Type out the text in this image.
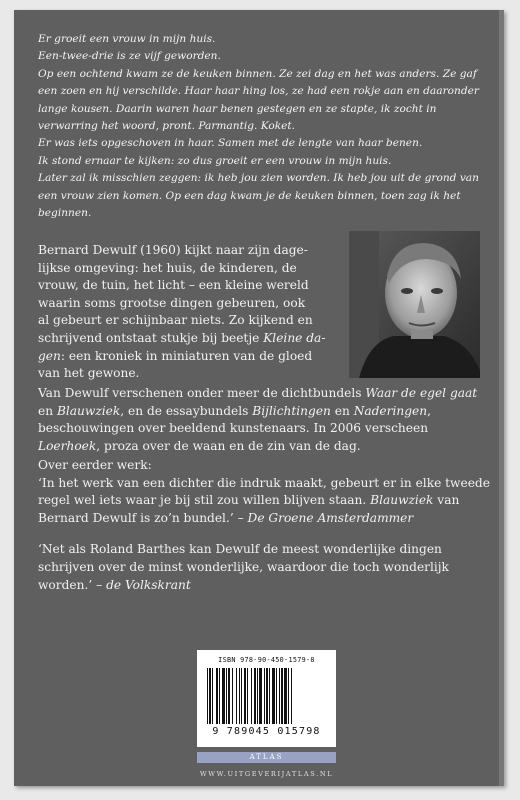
Er groeit een vrouw in mijn huis.

Een-twee-drie is ze vijf geworden.

Op een ochtend kwam ze de keuken binnen. Ze zei dag en het was anders. Ze gaf een zoen en hij verschilde. Haar haar hing los, ze had een rokje aan en daaronder lange kousen. Daarin waren haar benen gestegen en ze stapte, ik zocht in verwarring het woord, pront. Parmantig. Koket.

Er was iets opgeschoven in haar. Samen met de lengte van haar benen.

Ik stond ernaar te kijken: zo dus groeit er een vrouw in mijn huis.

Later zal ik misschien zeggen: ik heb jou zien worden. Ik heb jou uit de grond van een vrouw zien komen. Op een dag kwam je de keuken binnen, toen zag ik het beginnen.

Bernard Dewulf (1960) kijkt naar zijn dage-

lijkse omgeving: het huis, de kinderen, de

vrouw, de tuin, het licht – een kleine wereld

waarin soms grootse dingen gebeuren, ook

al gebeurt er schijnbaar niets. Zo kijkend en

schrijvend ontstaat stukje bij beetje Kleine da-

gen: een kroniek in miniaturen van de gloed

van het gewone.

Van Dewulf verschenen onder meer de dichtbundels Waar de egel gaat en Blauwziek, en de essaybundels Bijlichtingen en Naderingen, beschouwingen over beeldend kunstenaars. In 2006 verscheen Loerhoek, proza over de waan en de zin van de dag.

Over eerder werk:
‘In het werk van een dichter die indruk maakt, gebeurt er in elke tweede regel wel iets waar je bij stil zou willen blijven staan. Blauwziek van Bernard Dewulf is zo’n bundel.’ – De Groene Amsterdammer

‘Net als Roland Barthes kan Dewulf de meest wonderlijke dingen schrijven over de minst wonderlijke, waardoor die toch wonderlijk worden.’ – de Volkskrant

ISBN 978-90-450-1579-8
9 789045 015798
ATLAS
WWW.UITGEVERIJATLAS.NL
